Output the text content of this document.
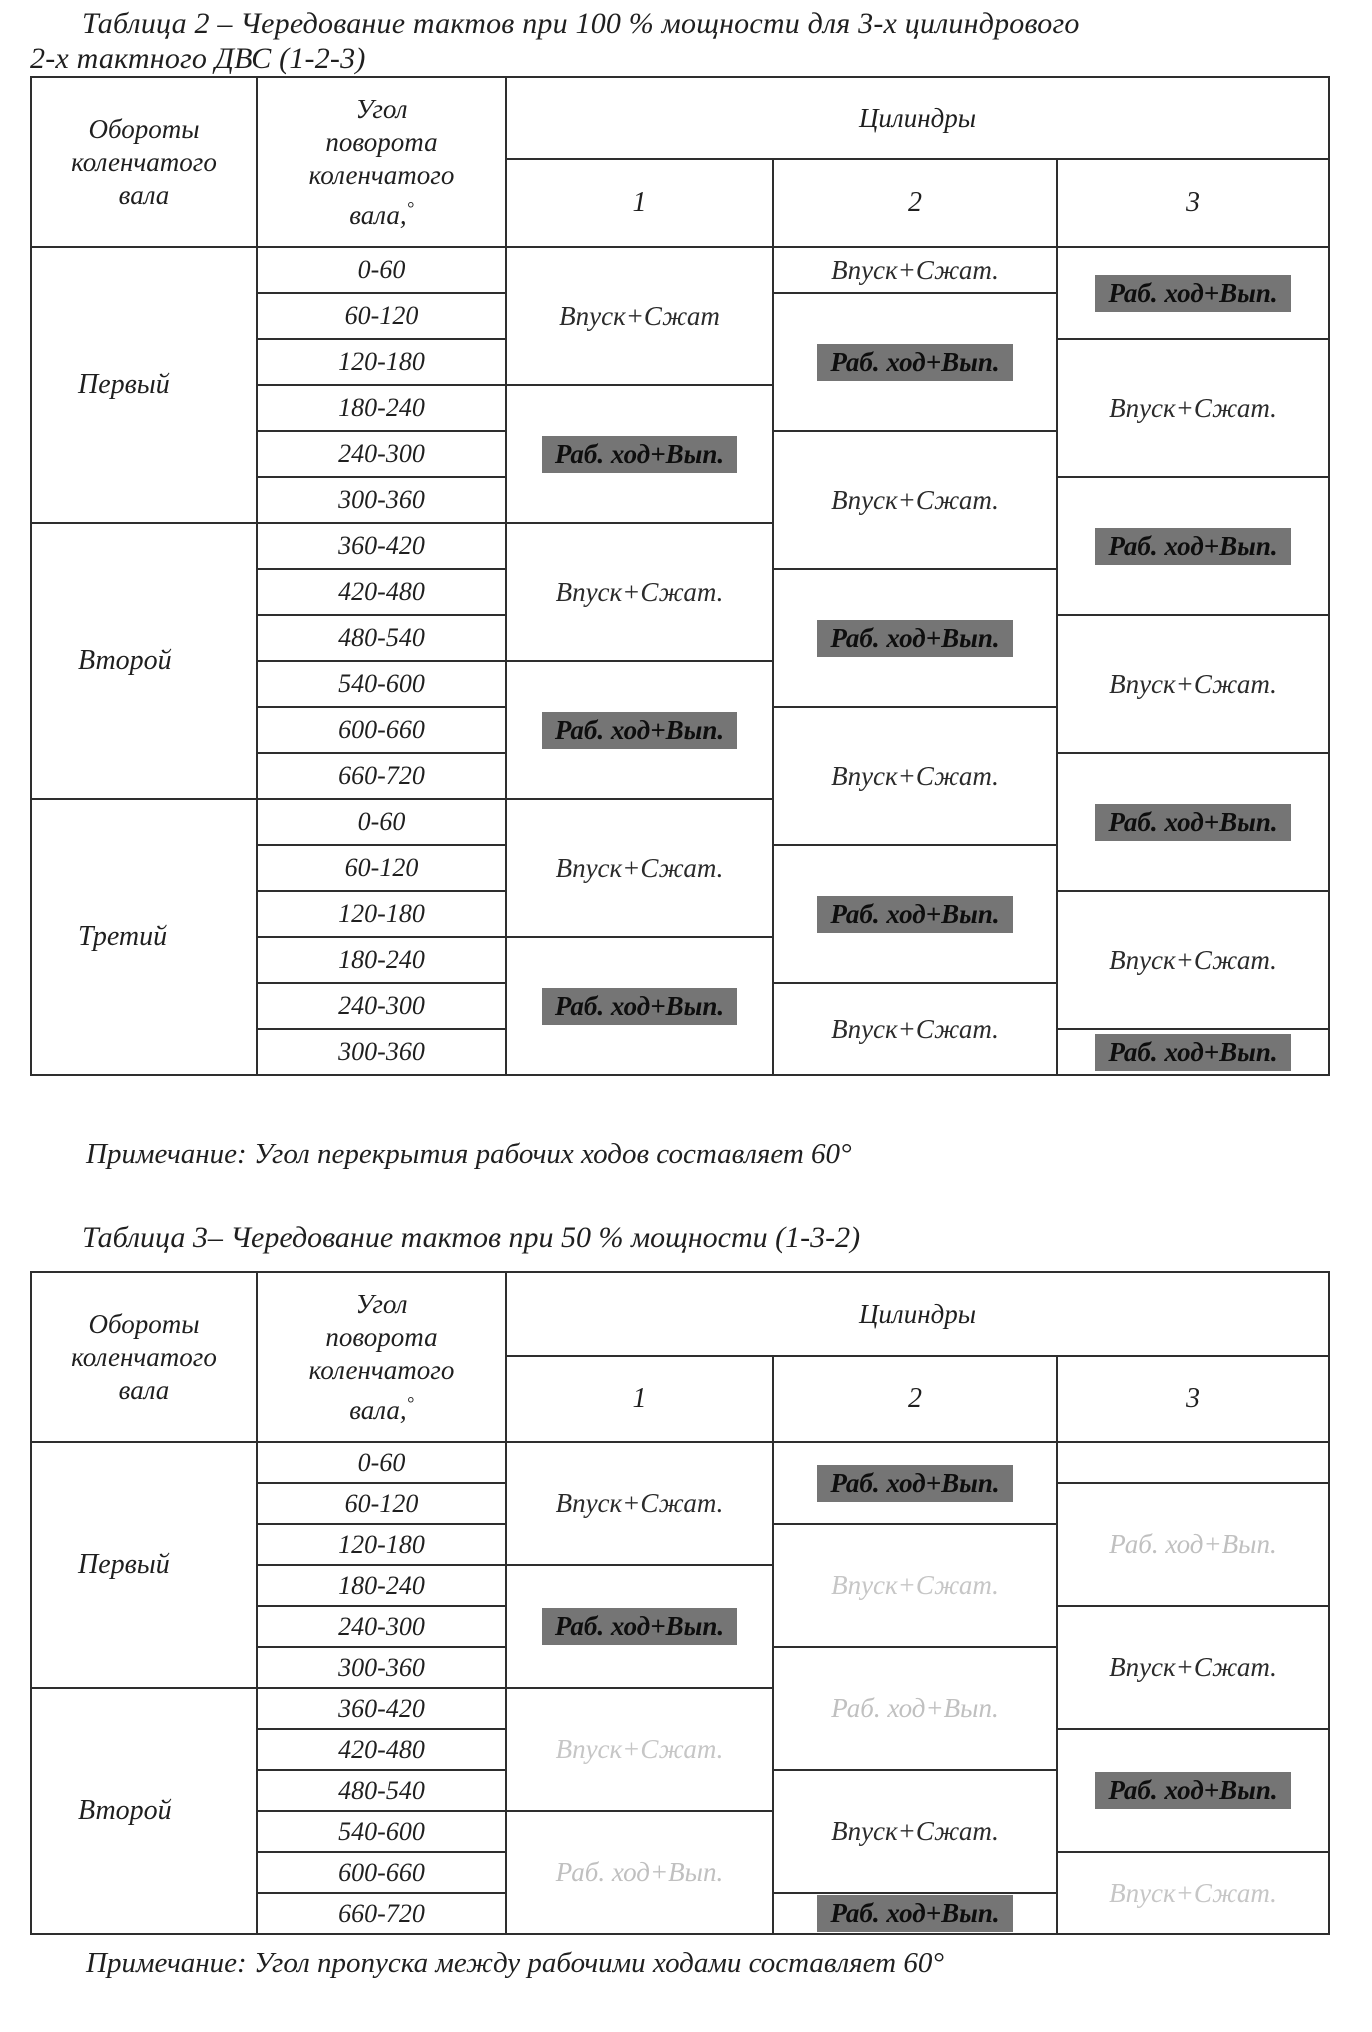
Таблица 2 – Чередование тактов при 100 % мощности для 3-х цилиндрового
2-х тактного ДВС (1-2-3)
Обороты коленчатого вала	Угол поворота коленчатого вала,°	Цилиндры		
		1	2	3
Первый	0-60	Впуск+Сжат	Впуск+Сжат.	Раб. ход+Вып.
	60-120		Раб. ход+Вып.	
	120-180			Впуск+Сжат.
	180-240	Раб. ход+Вып.		
	240-300		Впуск+Сжат.	
	300-360			Раб. ход+Вып.
Второй	360-420	Впуск+Сжат.		
	420-480		Раб. ход+Вып.	
	480-540			Впуск+Сжат.
	540-600	Раб. ход+Вып.		
	600-660		Впуск+Сжат.	
	660-720			Раб. ход+Вып.
Третий	0-60	Впуск+Сжат.		
	60-120		Раб. ход+Вып.	
	120-180			Впуск+Сжат.
	180-240	Раб. ход+Вып.		
	240-300		Впуск+Сжат.	
	300-360			Раб. ход+Вып.
Примечание: Угол перекрытия рабочих ходов составляет 60°
Таблица 3– Чередование тактов при 50 % мощности (1-3-2)
Обороты коленчатого вала	Угол поворота коленчатого вала,°	Цилиндры		
		1	2	3
Первый	0-60	Впуск+Сжат.	Раб. ход+Вып.	
	60-120			Раб. ход+Вып.
	120-180		Впуск+Сжат.	
	180-240	Раб. ход+Вып.		
	240-300			Впуск+Сжат.
	300-360		Раб. ход+Вып.	
Второй	360-420	Впуск+Сжат.		
	420-480			Раб. ход+Вып.
	480-540		Впуск+Сжат.	
	540-600	Раб. ход+Вып.		
	600-660			Впуск+Сжат.
	660-720		Раб. ход+Вып.	
Примечание: Угол пропуска между рабочими ходами составляет 60°
